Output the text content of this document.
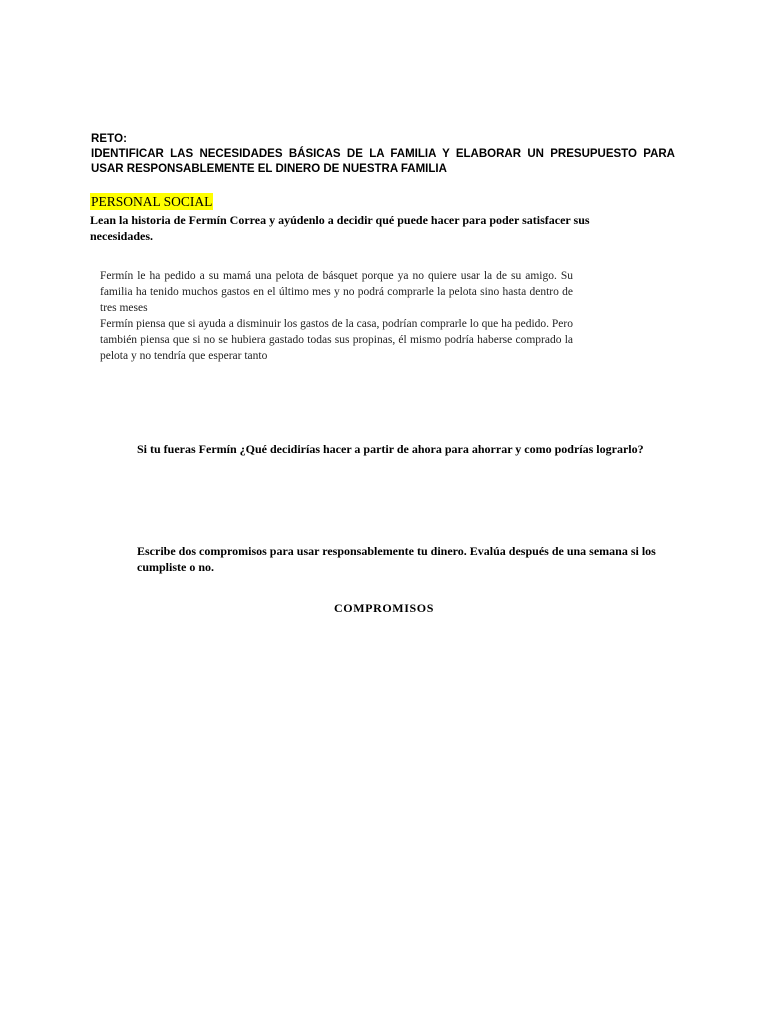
RETO:
IDENTIFICAR LAS NECESIDADES BÁSICAS DE LA FAMILIA Y ELABORAR UN PRESUPUESTO PARA USAR RESPONSABLEMENTE EL DINERO DE NUESTRA FAMILIA
PERSONAL SOCIAL
Lean la historia de Fermín Correa y ayúdenlo a decidir qué puede hacer para poder satisfacer sus necesidades.
Fermín le ha pedido a su mamá una pelota de básquet porque ya no quiere usar la de su amigo. Su familia ha tenido muchos gastos en el último mes y no podrá comprarle la pelota sino hasta dentro de tres meses
Fermín piensa que si ayuda a disminuir los gastos de la casa, podrían comprarle lo que ha pedido. Pero también piensa que si no se hubiera gastado todas sus propinas, él mismo podría haberse comprado la pelota y no tendría que esperar tanto
Si tu fueras Fermín ¿Qué decidirías hacer a partir de ahora para ahorrar y como podrías lograrlo?
Escribe dos compromisos para usar responsablemente tu dinero. Evalúa después de una semana si los cumpliste o no.
COMPROMISOS
